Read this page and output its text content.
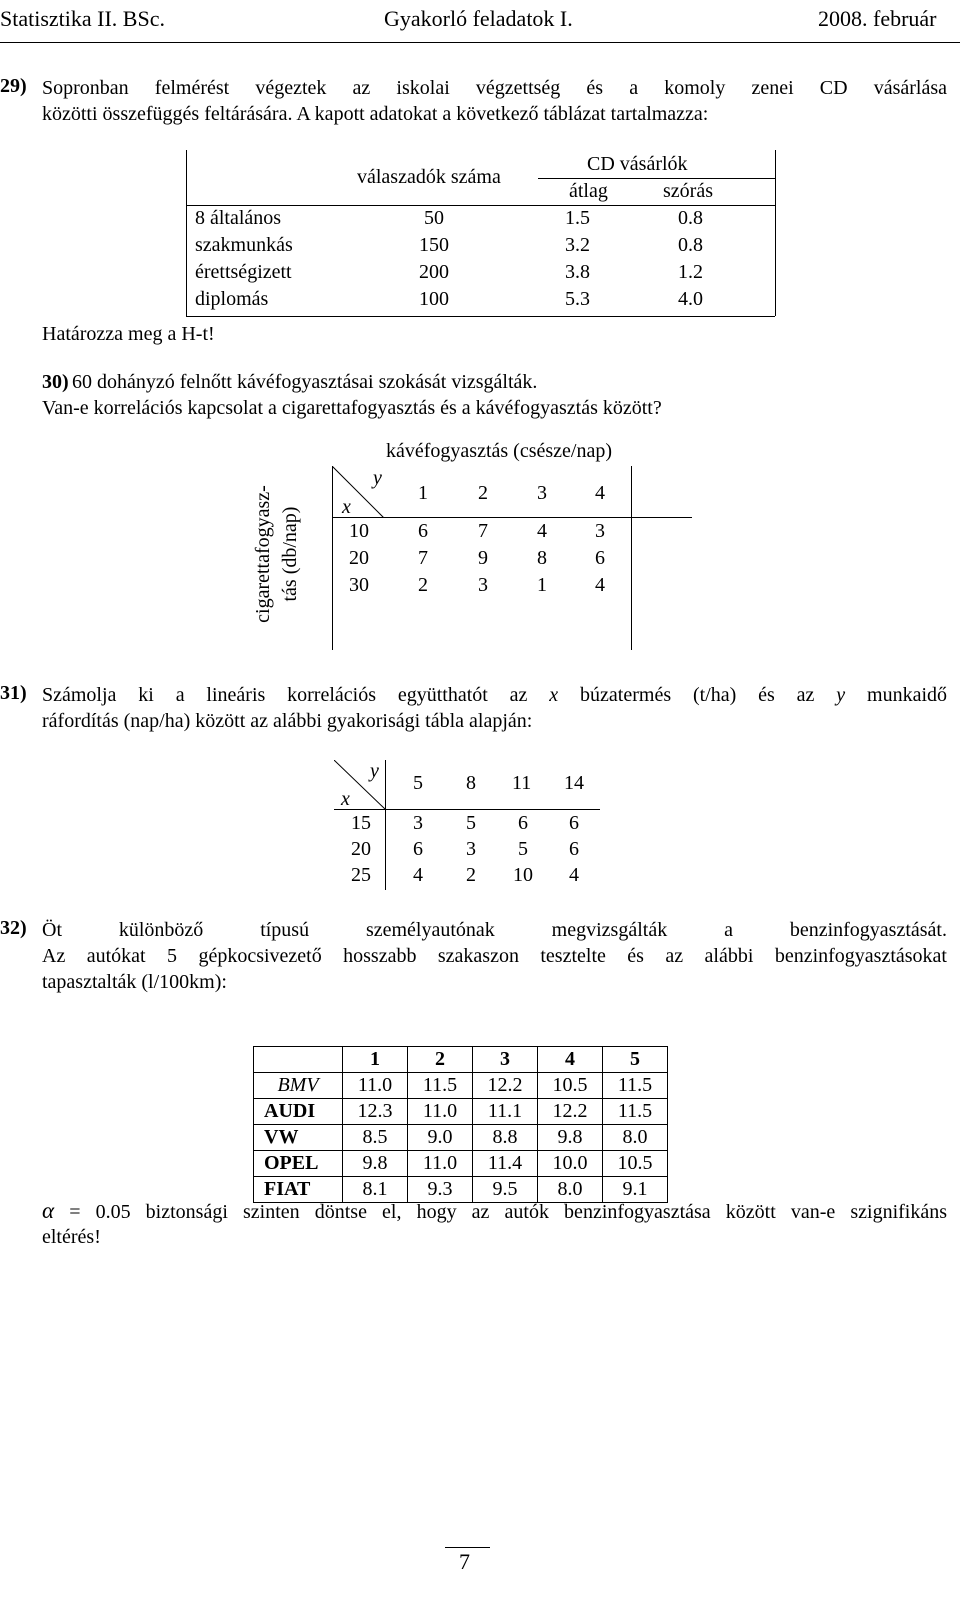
Statisztika II. BSc.	Gyakorló feladatok I.	2008. február
29) Sopronban felmérést végeztek az iskolai végzettség és a komoly zenei CD vásárlása
közötti összefüggés feltárására. A kapott adatokat a következő táblázat tartalmazza:
válaszadók száma
CD vásárlók
átlag	szórás
8 általános	50	1.5	0.8
szakmunkás	150	3.2	0.8
érettségizett	200	3.8	1.2
diplomás	100	5.3	4.0
Határozza meg a H-t!
30) 60 dohányzó felnőtt kávéfogyasztásai szokását vizsgálták.
Van-e korrelációs kapcsolat a cigarettafogyasztás és a kávéfogyasztás között?
kávéfogyasztás (csésze/nap)
cigarettafogyasz- tás (db/nap)
y
x
1	2 3 4
10 6	7 4 3
20 7	9 8 6
30 2	3 1 4
31) Számolja ki a lineáris korrelációs együtthatót az x búzatermés (t/ha) és az y munkaidő
ráfordítás (nap/ha) között az alábbi gyakorisági tábla alapján:
y
x
5 8 11 14
15 3 5 6 6
20 6 3 5 6
25 4 2 10 4
32) Öt különböző típusú személyautónak megvizsgálták a benzinfogyasztását.
Az autókat 5 gépkocsivezető hosszabb szakaszon tesztelte és az alábbi benzinfogyasztásokat
tapasztalták (l/100km):
	1	2	3	4	5
BMV	11.0	11.5	12.2	10.5	11.5
AUDI	12.3	11.0	11.1	12.2	11.5
VW	8.5	9.0	8.8	9.8	8.0
OPEL	9.8	11.0	11.4	10.0	10.5
FIAT	8.1	9.3	9.5	8.0	9.1
α = 0.05 biztonsági szinten döntse el, hogy az autók benzinfogyasztása között van-e szignifikáns
eltérés!
7
